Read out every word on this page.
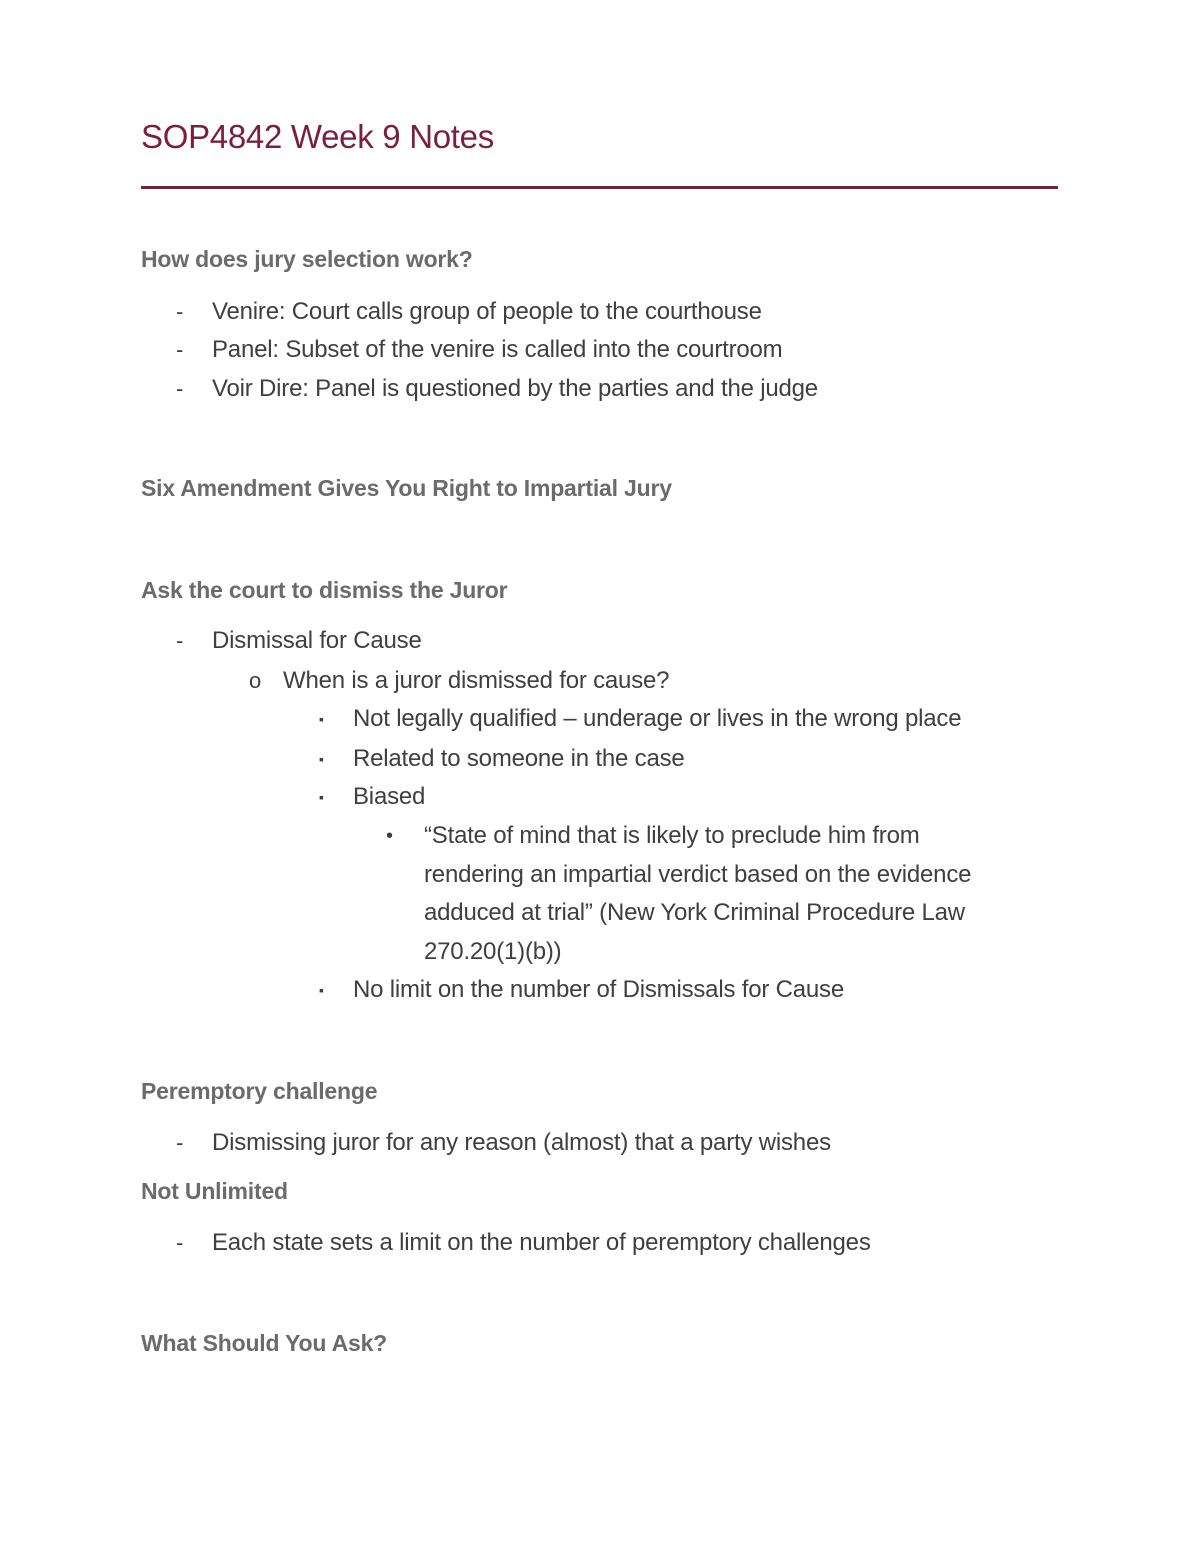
SOP4842 Week 9 Notes
How does jury selection work?
- Venire: Court calls group of people to the courthouse
- Panel: Subset of the venire is called into the courtroom
- Voir Dire: Panel is questioned by the parties and the judge
Six Amendment Gives You Right to Impartial Jury
Ask the court to dismiss the Juror
- Dismissal for Cause
o When is a juror dismissed for cause?
▪ Not legally qualified – underage or lives in the wrong place
▪ Related to someone in the case
▪ Biased
• “State of mind that is likely to preclude him from
rendering an impartial verdict based on the evidence
adduced at trial” (New York Criminal Procedure Law
270.20(1)(b))
▪ No limit on the number of Dismissals for Cause
Peremptory challenge
- Dismissing juror for any reason (almost) that a party wishes
Not Unlimited
- Each state sets a limit on the number of peremptory challenges
What Should You Ask?
